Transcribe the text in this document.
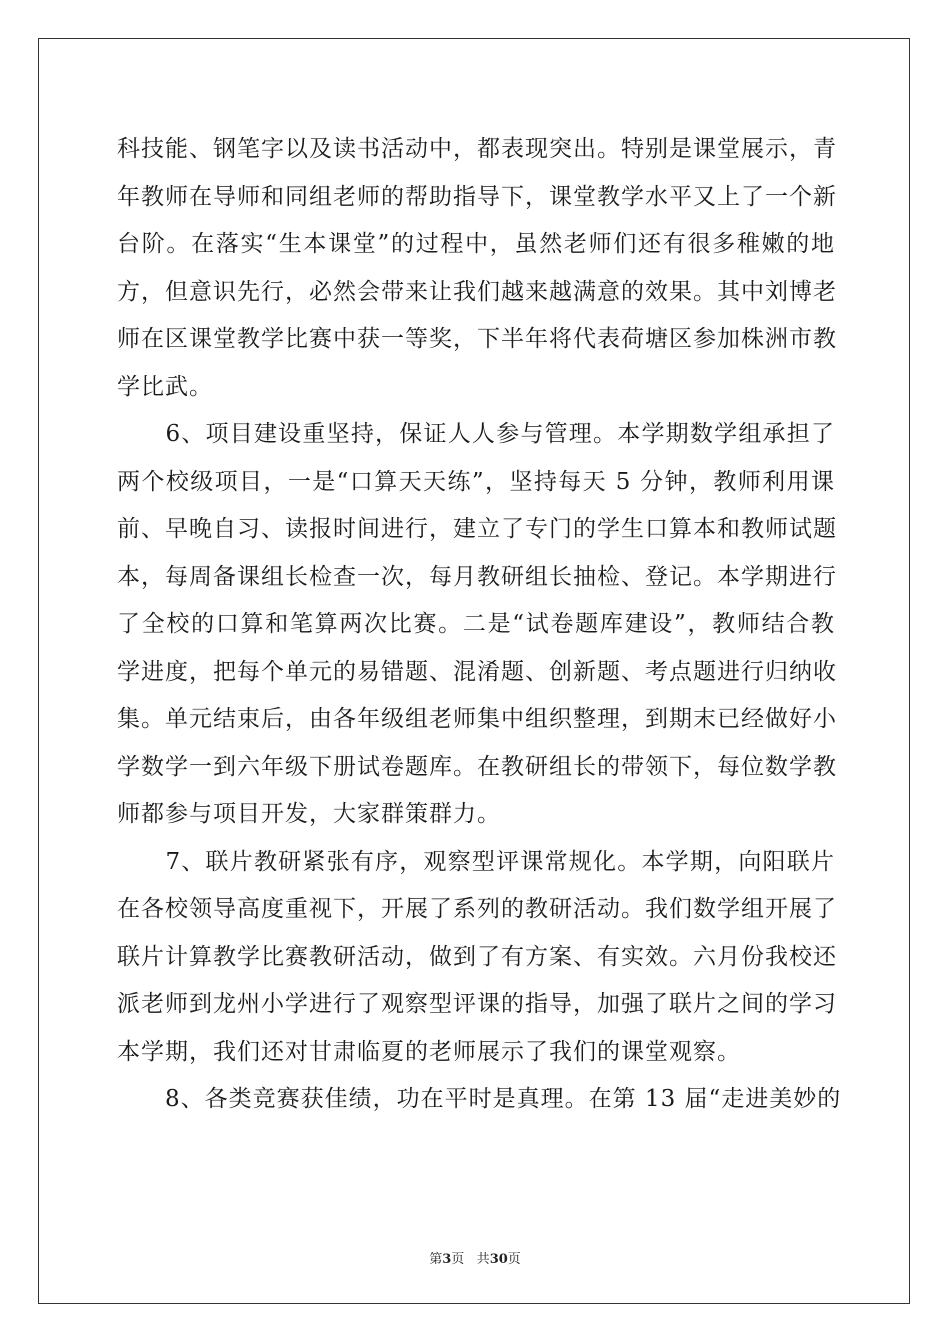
科技能、钢笔字以及读书活动中，都表现突出。特别是课堂展示，青
年教师在导师和同组老师的帮助指导下，课堂教学水平又上了一个新
台阶。在落实“生本课堂”的过程中，虽然老师们还有很多稚嫩的地
方，但意识先行，必然会带来让我们越来越满意的效果。其中刘博老
师在区课堂教学比赛中获一等奖，下半年将代表荷塘区参加株洲市教
学比武。
　　6、项目建设重坚持，保证人人参与管理。本学期数学组承担了
两个校级项目，一是“口算天天练”，坚持每天 5 分钟，教师利用课
前、早晚自习、读报时间进行，建立了专门的学生口算本和教师试题
本，每周备课组长检查一次，每月教研组长抽检、登记。本学期进行
了全校的口算和笔算两次比赛。二是“试卷题库建设”，教师结合教
学进度，把每个单元的易错题、混淆题、创新题、考点题进行归纳收
集。单元结束后，由各年级组老师集中组织整理，到期末已经做好小
学数学一到六年级下册试卷题库。在教研组长的带领下，每位数学教
师都参与项目开发，大家群策群力。
　　7、联片教研紧张有序，观察型评课常规化。本学期，向阳联片
在各校领导高度重视下，开展了系列的教研活动。我们数学组开展了
联片计算教学比赛教研活动，做到了有方案、有实效。六月份我校还
派老师到龙州小学进行了观察型评课的指导，加强了联片之间的学习
本学期，我们还对甘肃临夏的老师展示了我们的课堂观察。
　　8、各类竞赛获佳绩，功在平时是真理。在第 13 届“走进美妙的
第3页 共30页
